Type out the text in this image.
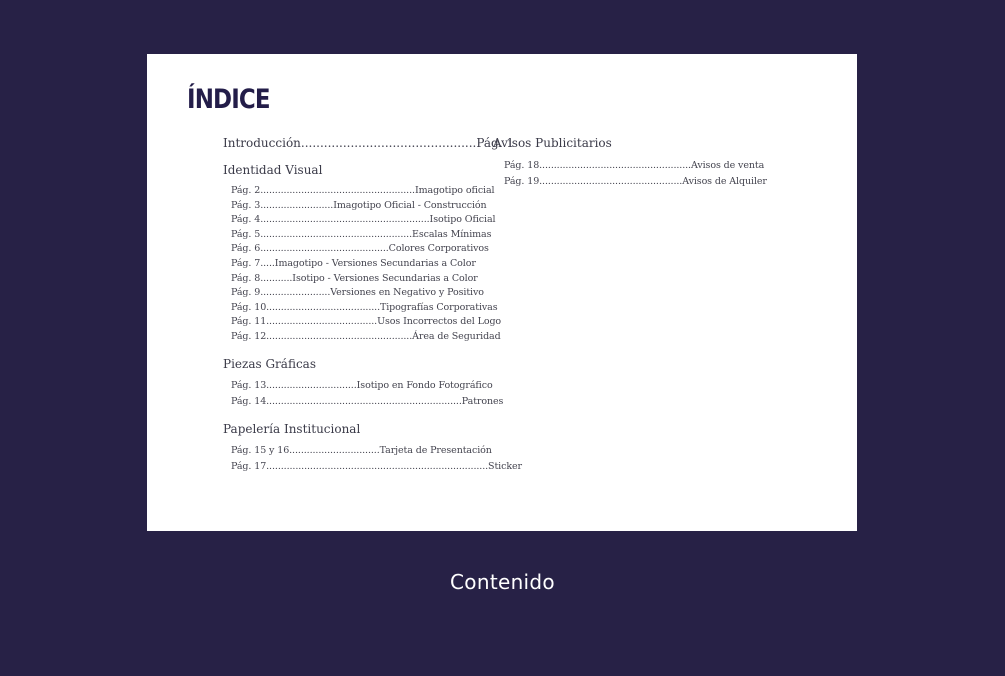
ÍNDICE
Introducción..............................................Pág. 1
Identidad Visual
Pág. 2.....................................................Imagotipo oficial
Pág. 3.........................Imagotipo Oficial - Construcción
Pág. 4..........................................................Isotipo Oficial
Pág. 5....................................................Escalas Mínimas
Pág. 6............................................Colores Corporativos
Pág. 7.....Imagotipo - Versiones Secundarias a Color
Pág. 8...........Isotipo - Versiones Secundarias a Color
Pág. 9........................Versiones en Negativo y Positivo
Pág. 10.......................................Tipografías Corporativas
Pág. 11......................................Usos Incorrectos del Logo
Pág. 12..................................................Área de Seguridad
Piezas Gráficas
Pág. 13...............................Isotipo en Fondo Fotográfico
Pág. 14...................................................................Patrones
Papelería Institucional
Pág. 15 y 16...............................Tarjeta de Presentación
Pág. 17............................................................................Sticker
Avisos Publicitarios
Pág. 18....................................................Avisos de venta
Pág. 19.................................................Avisos de Alquiler
Contenido
